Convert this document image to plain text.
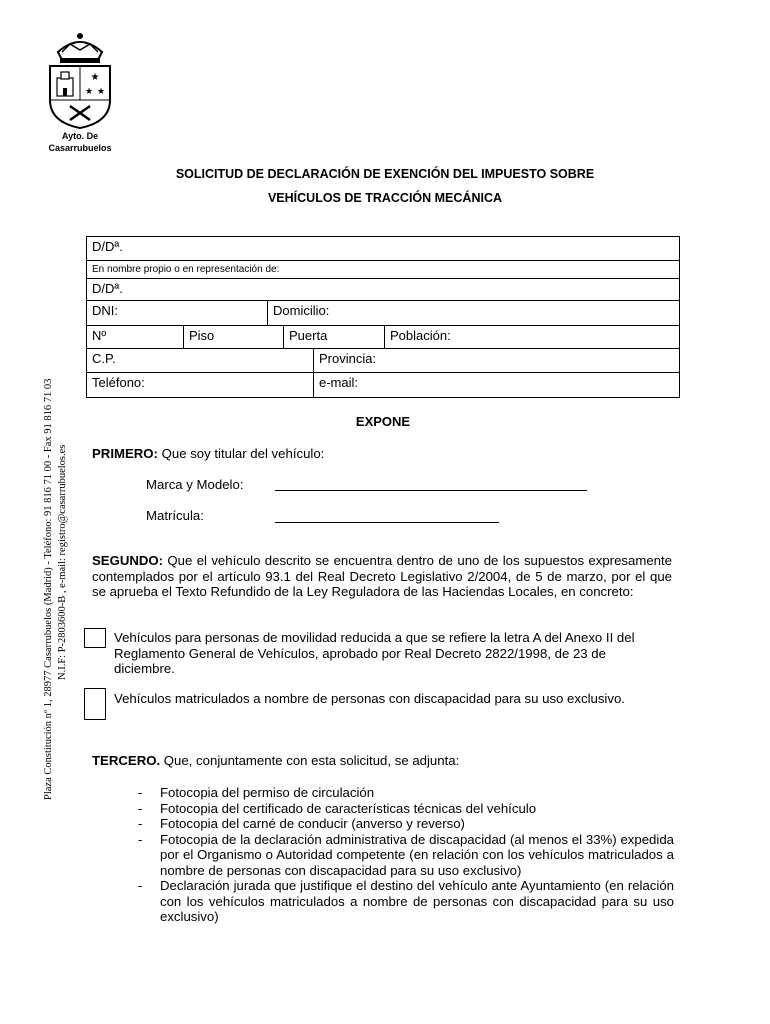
★
★ ★
Ayto. De
Casarrubuelos
Plaza Constitución nº 1, 28977 Casarrubuelos (Madrid) - Teléfono: 91 816 71 00 - Fax 91 816 71 03 N.I.F: P-2803600-B , e-mail: registro@casarrubuelos.es
SOLICITUD DE DECLARACIÓN DE EXENCIÓN DEL IMPUESTO SOBRE
VEHÍCULOS DE TRACCIÓN MECÁNICA
D/Dª.
En nombre propio o en representación de:
D/Dª.
DNI:	Domicilio:
Nº	Piso	Puerta	Población:
C.P.	Provincia:
Teléfono:	e-mail:
EXPONE
PRIMERO: Que soy titular del vehículo:
Marca y Modelo:
Matrícula:
SEGUNDO: Que el vehículo descrito se encuentra dentro de uno de los supuestos expresamente contemplados por el artículo 93.1 del Real Decreto Legislativo 2/2004, de 5 de marzo, por el que se aprueba el Texto Refundido de la Ley Reguladora de las Haciendas Locales, en concreto:
Vehículos para personas de movilidad reducida a que se refiere la letra A del Anexo II del Reglamento General de Vehículos, aprobado por Real Decreto 2822/1998, de 23 de diciembre.
Vehículos matriculados a nombre de personas con discapacidad para su uso exclusivo.
TERCERO. Que, conjuntamente con esta solicitud, se adjunta:
- Fotocopia del permiso de circulación
- Fotocopia del certificado de características técnicas del vehículo
- Fotocopia del carné de conducir (anverso y reverso)
- Fotocopia de la declaración administrativa de discapacidad (al menos el 33%) expedida por el Organismo o Autoridad competente (en relación con los vehículos matriculados a nombre de personas con discapacidad para su uso exclusivo)
- Declaración jurada que justifique el destino del vehículo ante Ayuntamiento (en relación con los vehículos matriculados a nombre de personas con discapacidad para su uso exclusivo)
